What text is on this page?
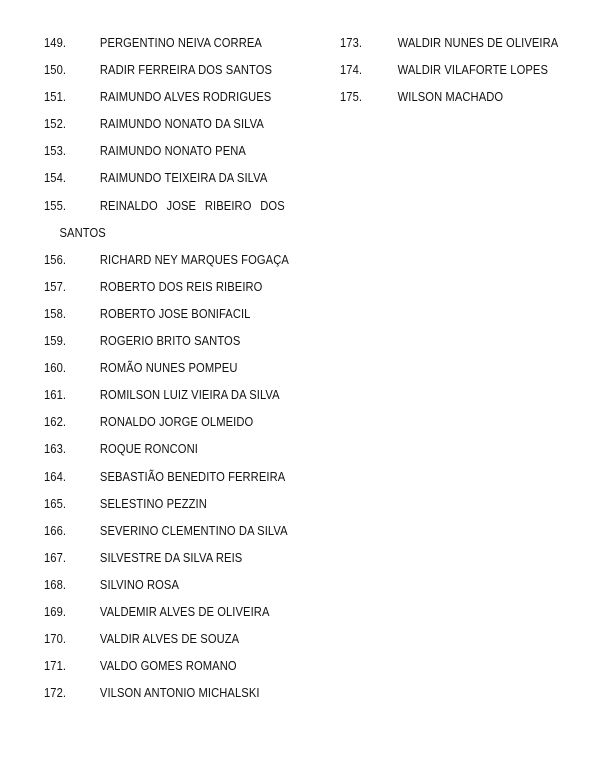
149.	PERGENTINO NEIVA CORREA
150.	RADIR FERREIRA DOS SANTOS
151.	RAIMUNDO ALVES RODRIGUES
152.	RAIMUNDO NONATO DA SILVA
153.	RAIMUNDO NONATO PENA
154.	RAIMUNDO TEIXEIRA DA SILVA
155.	REINALDO JOSE RIBEIRO DOS
SANTOS
156.	RICHARD NEY MARQUES FOGAÇA
157.	ROBERTO DOS REIS RIBEIRO
158.	ROBERTO JOSE BONIFACIL
159.	ROGERIO BRITO SANTOS
160.	ROMÃO NUNES POMPEU
161.	ROMILSON LUIZ VIEIRA DA SILVA
162.	RONALDO JORGE OLMEIDO
163.	ROQUE RONCONI
164.	SEBASTIÃO BENEDITO FERREIRA
165.	SELESTINO PEZZIN
166.	SEVERINO CLEMENTINO DA SILVA
167.	SILVESTRE DA SILVA REIS
168.	SILVINO ROSA
169.	VALDEMIR ALVES DE OLIVEIRA
170.	VALDIR ALVES DE SOUZA
171.	VALDO GOMES ROMANO
172.	VILSON ANTONIO MICHALSKI
173.	WALDIR NUNES DE OLIVEIRA
174.	WALDIR VILAFORTE LOPES
175.	WILSON MACHADO
